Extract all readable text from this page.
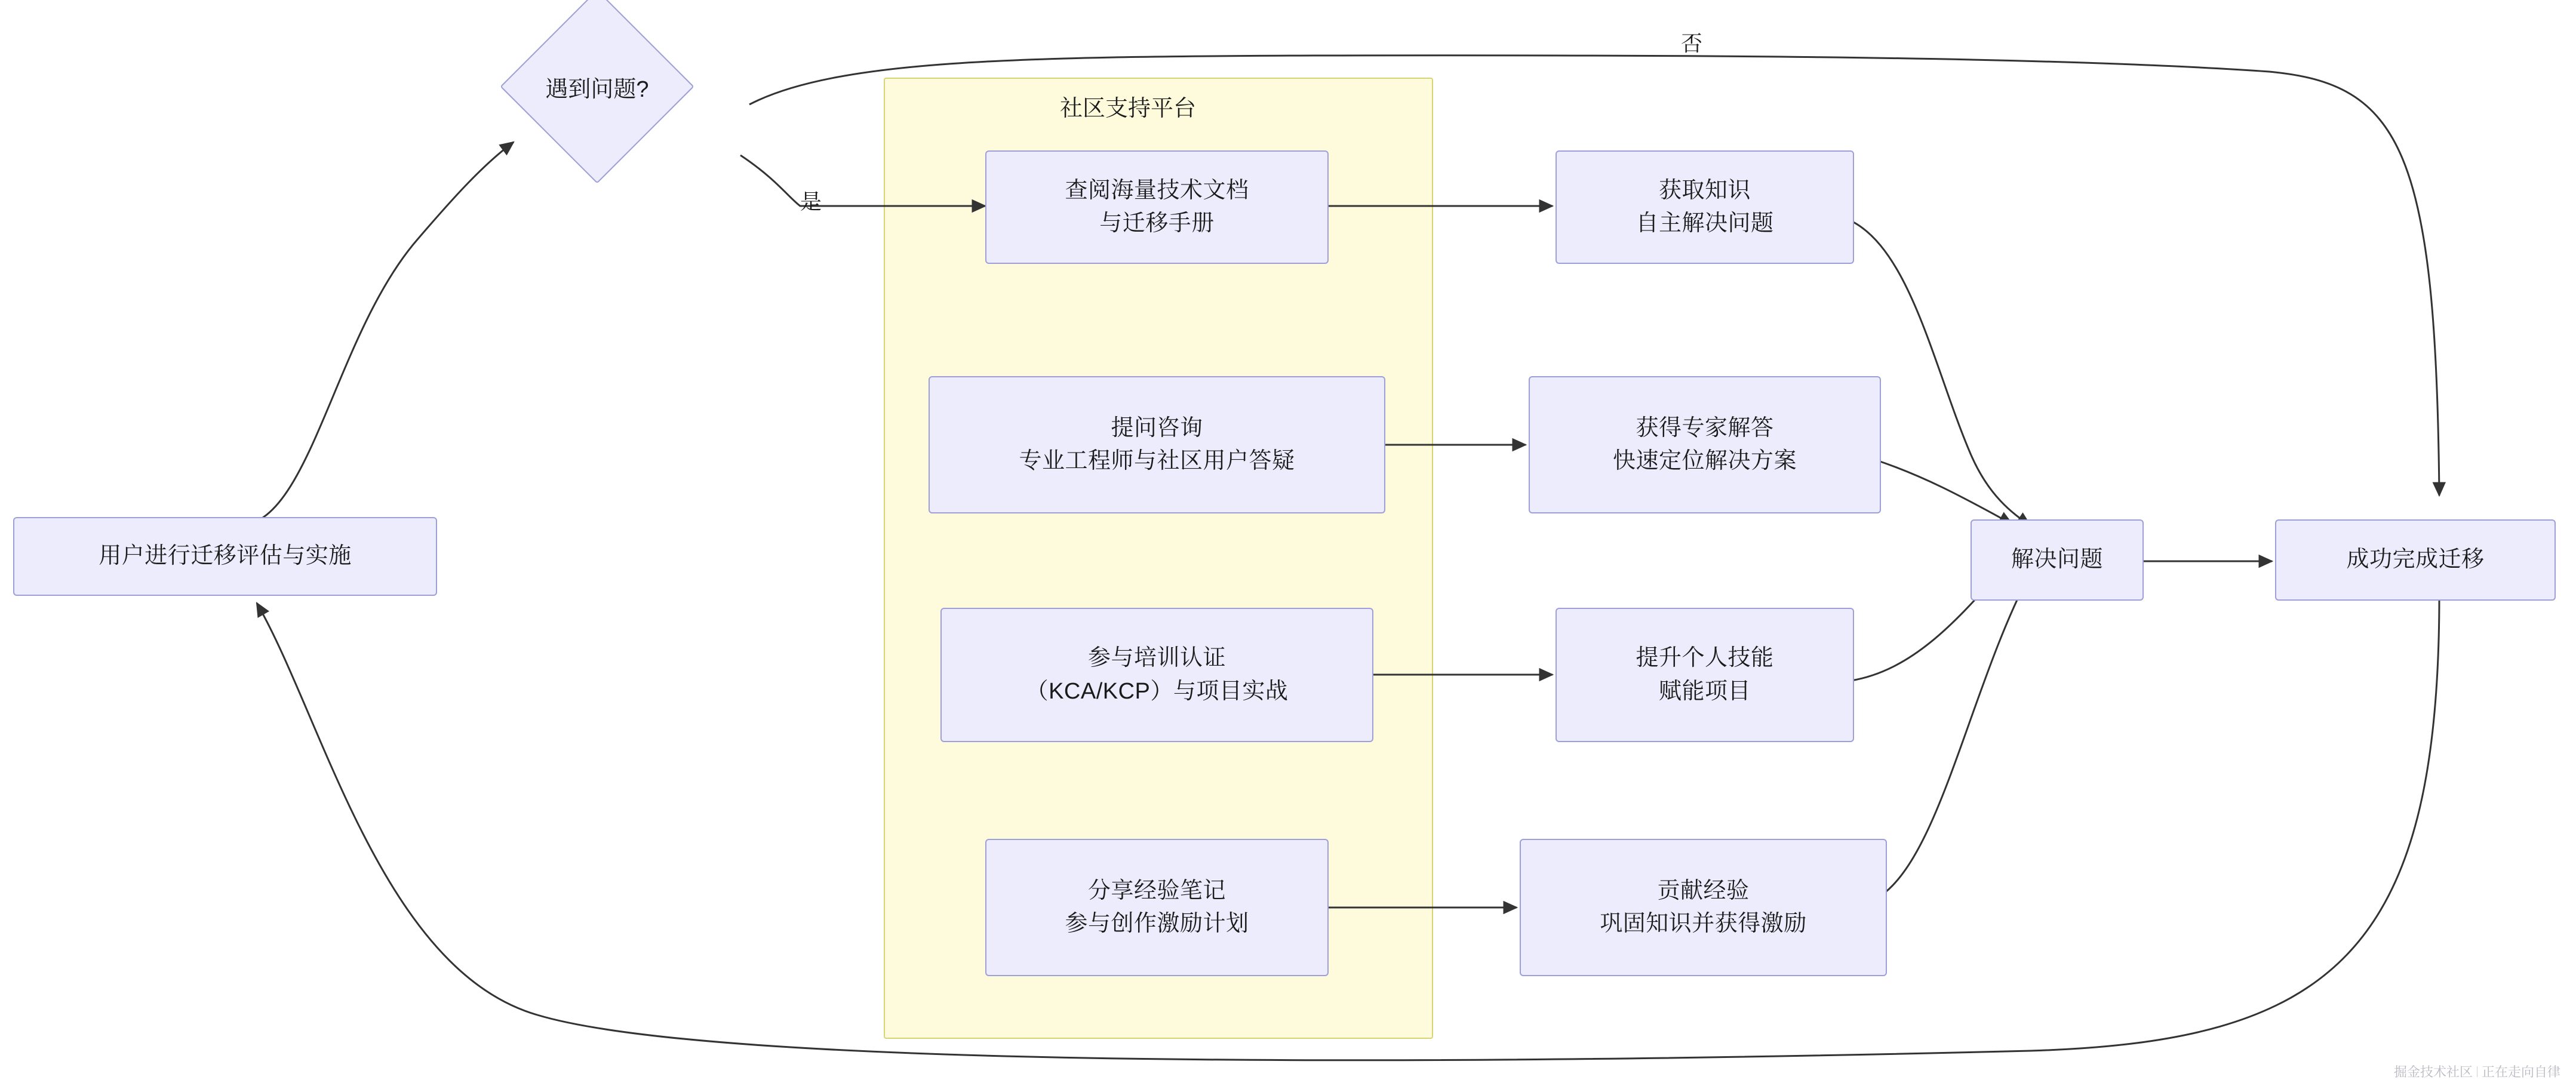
社区支持平台
用户进行迁移评估与实施
遇到问题?
是
否
查阅海量技术文档
与迁移手册
提问咨询
专业工程师与社区用户答疑
参与培训认证
（KCA/KCP）与项目实战
分享经验笔记
参与创作激励计划
获取知识
自主解决问题
获得专家解答
快速定位解决方案
提升个人技能
赋能项目
贡献经验
巩固知识并获得激励
解决问题	成功完成迁移
掘金技术社区 正在走向自律
